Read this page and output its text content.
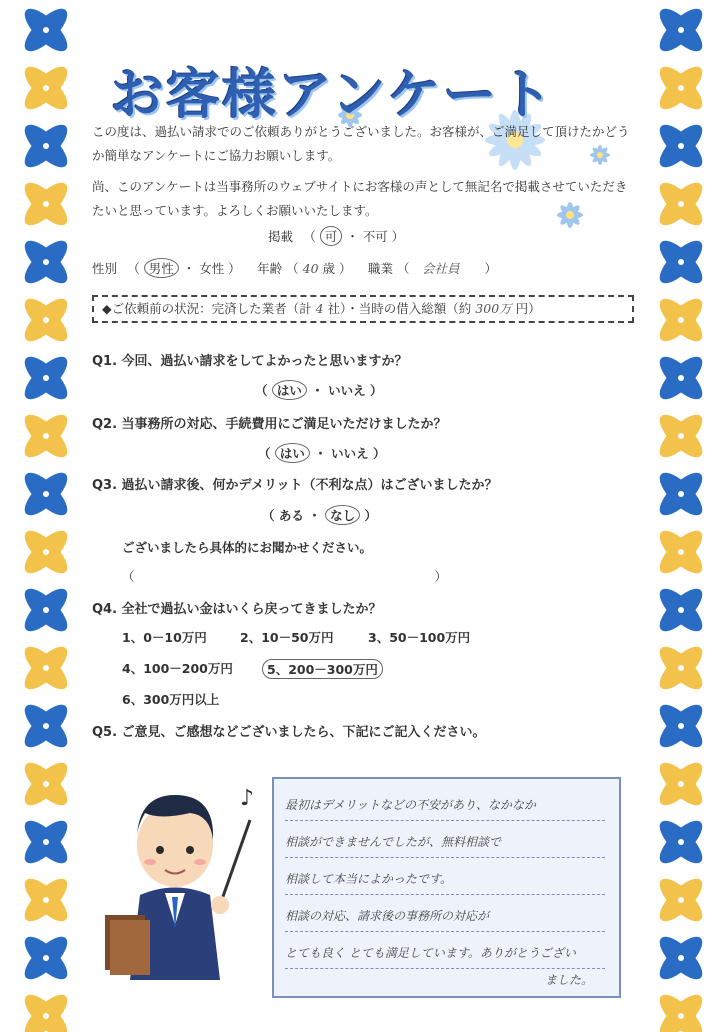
お客様アンケート
この度は、過払い請求でのご依頼ありがとうございました。お客様が、ご満足して頂けたかどうか簡単なアンケートにご協力お願いします。
尚、このアンケートは当事務所のウェブサイトにお客様の声として無記名で掲載させていただきたいと思っています。よろしくお願いいたします。
掲載 　（ 可 ・ 不可 ）
性別 　（ 男性 ・ 女性 ） 　年齢 （ 40 歳 ） 　職業 （　会社員　　）
◆ご依頼前の状況：完済した業者（計 4 社）・当時の借入総額（約 300万 円）
Q1. 今回、過払い請求をしてよかったと思いますか？
（ はい ・ いいえ ）
Q2. 当事務所の対応、手続費用にご満足いただけましたか？
（ はい ・ いいえ ）
Q3. 過払い請求後、何かデメリット（不利な点）はございましたか？
（ ある ・ なし ）
ございましたら具体的にお聞かせください。
（	）
Q4. 全社で過払い金はいくら戻ってきましたか？
1、0－10万円	2、10－50万円	3、50－100万円
4、100－200万円	5、200－300万円
6、300万円以上
Q5. ご意見、ご感想などございましたら、下記にご記入ください。
♪	最初はデメリットなどの不安があり、なかなか
相談ができませんでしたが、無料相談で
相談して本当によかったです。
相談の対応、請求後の事務所の対応が
とても良く とても満足しています。ありがとうござい
ました。
